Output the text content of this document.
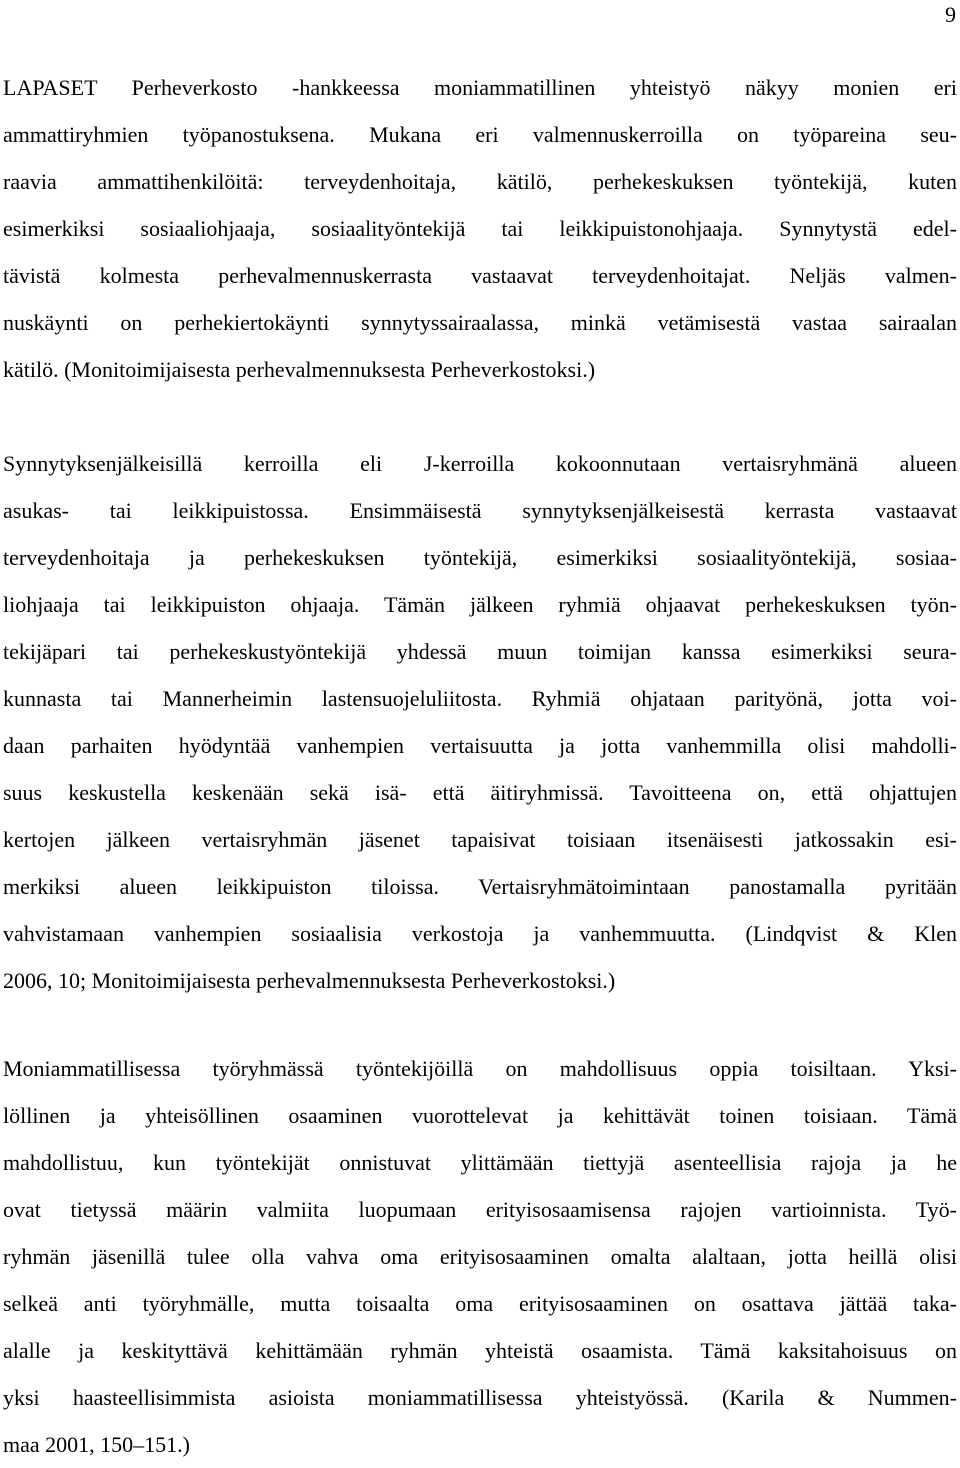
9
LAPASET Perheverkosto -hankkeessa moniammatillinen yhteistyö näkyy monien eri
ammattiryhmien työpanostuksena. Mukana eri valmennuskerroilla on työpareina seu-
raavia ammattihenkilöitä: terveydenhoitaja, kätilö, perhekeskuksen työntekijä, kuten
esimerkiksi sosiaaliohjaaja, sosiaalityöntekijä tai leikkipuistonohjaaja. Synnytystä edel-
tävistä kolmesta perhevalmennuskerrasta vastaavat terveydenhoitajat. Neljäs valmen-
nuskäynti on perhekiertokäynti synnytyssairaalassa, minkä vetämisestä vastaa sairaalan
kätilö. (Monitoimijaisesta perhevalmennuksesta Perheverkostoksi.)
Synnytyksenjälkeisillä kerroilla eli J-kerroilla kokoonnutaan vertaisryhmänä alueen
asukas- tai leikkipuistossa. Ensimmäisestä synnytyksenjälkeisestä kerrasta vastaavat
terveydenhoitaja ja perhekeskuksen työntekijä, esimerkiksi sosiaalityöntekijä, sosiaa-
liohjaaja tai leikkipuiston ohjaaja. Tämän jälkeen ryhmiä ohjaavat perhekeskuksen työn-
tekijäpari tai perhekeskustyöntekijä yhdessä muun toimijan kanssa esimerkiksi seura-
kunnasta tai Mannerheimin lastensuojeluliitosta. Ryhmiä ohjataan parityönä, jotta voi-
daan parhaiten hyödyntää vanhempien vertaisuutta ja jotta vanhemmilla olisi mahdolli-
suus keskustella keskenään sekä isä- että äitiryhmissä. Tavoitteena on, että ohjattujen
kertojen jälkeen vertaisryhmän jäsenet tapaisivat toisiaan itsenäisesti jatkossakin esi-
merkiksi alueen leikkipuiston tiloissa. Vertaisryhmätoimintaan panostamalla pyritään
vahvistamaan vanhempien sosiaalisia verkostoja ja vanhemmuutta. (Lindqvist & Klen
2006, 10; Monitoimijaisesta perhevalmennuksesta Perheverkostoksi.)
Moniammatillisessa työryhmässä työntekijöillä on mahdollisuus oppia toisiltaan. Yksi-
löllinen ja yhteisöllinen osaaminen vuorottelevat ja kehittävät toinen toisiaan. Tämä
mahdollistuu, kun työntekijät onnistuvat ylittämään tiettyjä asenteellisia rajoja ja he
ovat tietyssä määrin valmiita luopumaan erityisosaamisensa rajojen vartioinnista. Työ-
ryhmän jäsenillä tulee olla vahva oma erityisosaaminen omalta alaltaan, jotta heillä olisi
selkeä anti työryhmälle, mutta toisaalta oma erityisosaaminen on osattava jättää taka-
alalle ja keskityttävä kehittämään ryhmän yhteistä osaamista. Tämä kaksitahoisuus on
yksi haasteellisimmista asioista moniammatillisessa yhteistyössä. (Karila & Nummen-
maa 2001, 150–151.)
